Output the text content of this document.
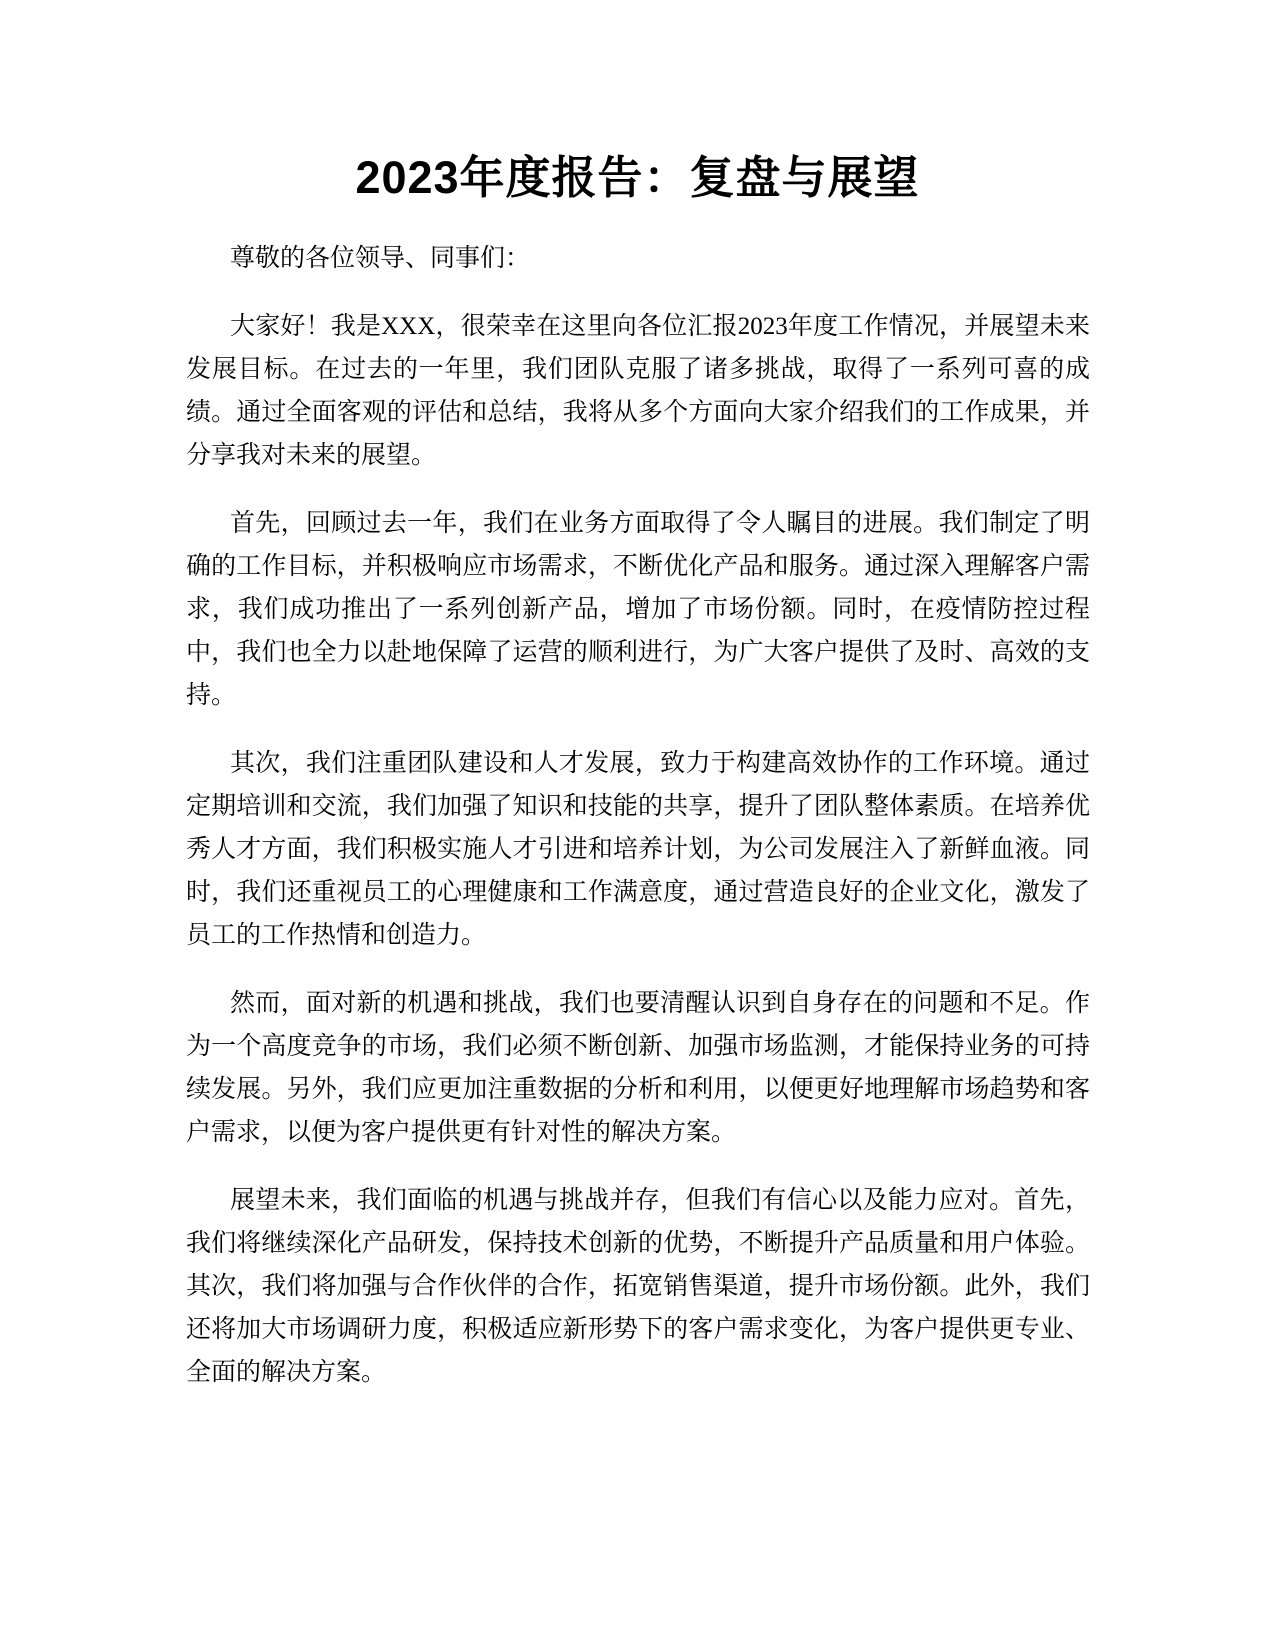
2023年度报告：复盘与展望

尊敬的各位领导、同事们：

大家好！我是XXX，很荣幸在这里向各位汇报2023年度工作情况，并展望未来发展目标。在过去的一年里，我们团队克服了诸多挑战，取得了一系列可喜的成绩。通过全面客观的评估和总结，我将从多个方面向大家介绍我们的工作成果，并分享我对未来的展望。

首先，回顾过去一年，我们在业务方面取得了令人瞩目的进展。我们制定了明确的工作目标，并积极响应市场需求，不断优化产品和服务。通过深入理解客户需求，我们成功推出了一系列创新产品，增加了市场份额。同时，在疫情防控过程中，我们也全力以赴地保障了运营的顺利进行，为广大客户提供了及时、高效的支持。

其次，我们注重团队建设和人才发展，致力于构建高效协作的工作环境。通过定期培训和交流，我们加强了知识和技能的共享，提升了团队整体素质。在培养优秀人才方面，我们积极实施人才引进和培养计划，为公司发展注入了新鲜血液。同时，我们还重视员工的心理健康和工作满意度，通过营造良好的企业文化，激发了员工的工作热情和创造力。

然而，面对新的机遇和挑战，我们也要清醒认识到自身存在的问题和不足。作为一个高度竞争的市场，我们必须不断创新、加强市场监测，才能保持业务的可持续发展。另外，我们应更加注重数据的分析和利用，以便更好地理解市场趋势和客户需求，以便为客户提供更有针对性的解决方案。

展望未来，我们面临的机遇与挑战并存，但我们有信心以及能力应对。首先，我们将继续深化产品研发，保持技术创新的优势，不断提升产品质量和用户体验。其次，我们将加强与合作伙伴的合作，拓宽销售渠道，提升市场份额。此外，我们还将加大市场调研力度，积极适应新形势下的客户需求变化，为客户提供更专业、全面的解决方案。
